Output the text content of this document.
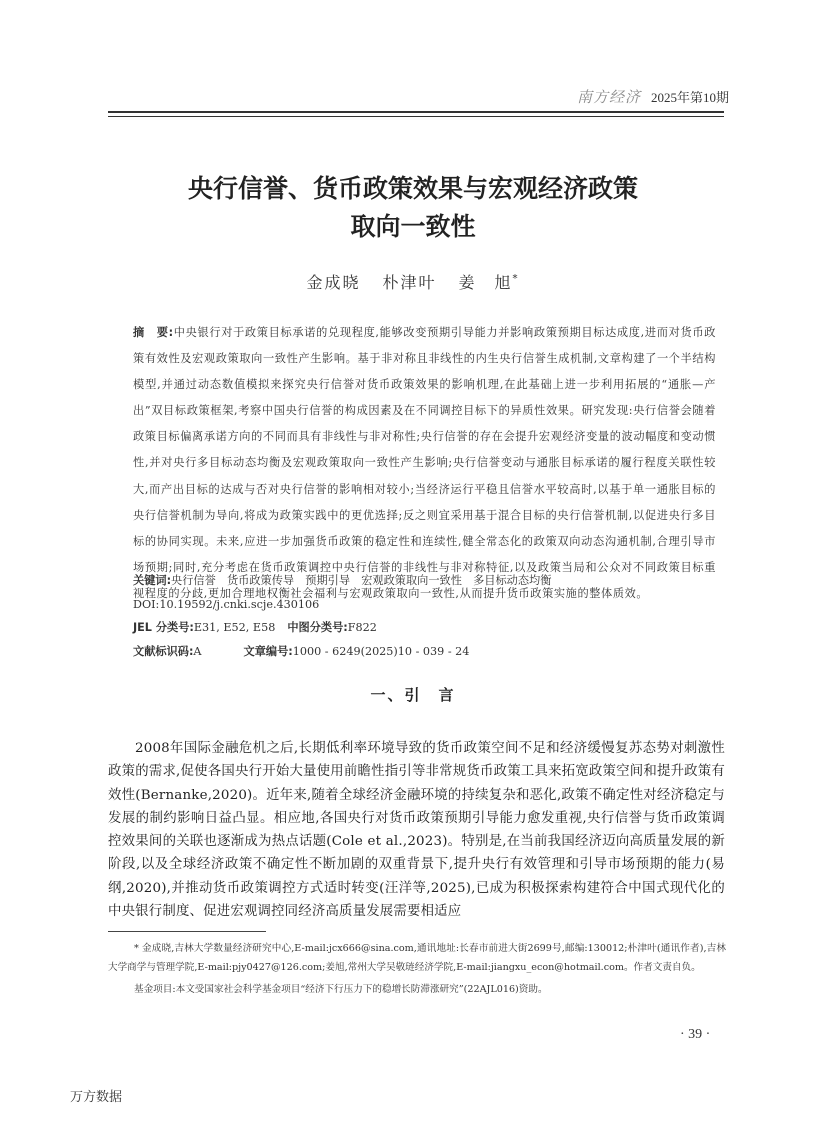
南方经济 2025年第10期
央行信誉、货币政策效果与宏观经济政策
取向一致性
金成晓 朴津叶 姜　旭*
摘　要:中央银行对于政策目标承诺的兑现程度,能够改变预期引导能力并影响政策预期目标达成度,进而对货币政策有效性及宏观政策取向一致性产生影响。基于非对称且非线性的内生央行信誉生成机制,文章构建了一个半结构模型,并通过动态数值模拟来探究央行信誉对货币政策效果的影响机理,在此基础上进一步利用拓展的“通胀—产出”双目标政策框架,考察中国央行信誉的构成因素及在不同调控目标下的异质性效果。研究发现:央行信誉会随着政策目标偏离承诺方向的不同而具有非线性与非对称性;央行信誉的存在会提升宏观经济变量的波动幅度和变动惯性,并对央行多目标动态均衡及宏观政策取向一致性产生影响;央行信誉变动与通胀目标承诺的履行程度关联性较大,而产出目标的达成与否对央行信誉的影响相对较小;当经济运行平稳且信誉水平较高时,以基于单一通胀目标的央行信誉机制为导向,将成为政策实践中的更优选择;反之则宜采用基于混合目标的央行信誉机制,以促进央行多目标的协同实现。未来,应进一步加强货币政策的稳定性和连续性,健全常态化的政策双向动态沟通机制,合理引导市场预期;同时,充分考虑在货币政策调控中央行信誉的非线性与非对称特征,以及政策当局和公众对不同政策目标重视程度的分歧,更加合理地权衡社会福利与宏观政策取向一致性,从而提升货币政策实施的整体质效。
关键词:央行信誉　货币政策传导　预期引导　宏观政策取向一致性　多目标动态均衡
DOI:10.19592/j.cnki.scje.430106
JEL 分类号:E31, E52, E58 中图分类号:F822
文献标识码:A	文章编号:1000 - 6249(2025)10 - 039 - 24
一、引　言
2008年国际金融危机之后,长期低利率环境导致的货币政策空间不足和经济缓慢复苏态势对刺激性政策的需求,促使各国央行开始大量使用前瞻性指引等非常规货币政策工具来拓宽政策空间和提升政策有效性(Bernanke,2020)。近年来,随着全球经济金融环境的持续复杂和恶化,政策不确定性对经济稳定与发展的制约影响日益凸显。相应地,各国央行对货币政策预期引导能力愈发重视,央行信誉与货币政策调控效果间的关联也逐渐成为热点话题(Cole et al.,2023)。特别是,在当前我国经济迈向高质量发展的新阶段,以及全球经济政策不确定性不断加剧的双重背景下,提升央行有效管理和引导市场预期的能力(易纲,2020),并推动货币政策调控方式适时转变(汪洋等,2025),已成为积极探索构建符合中国式现代化的中央银行制度、促进宏观调控同经济高质量发展需要相适应

* 金成晓,吉林大学数量经济研究中心,E-mail:jcx666@sina.com,通讯地址:长春市前进大街2699号,邮编:130012;朴津叶(通讯作者),吉林大学商学与管理学院,E-mail:pjy0427@126.com;姜旭,常州大学吴敬琏经济学院,E-mail:jiangxu_econ@hotmail.com。作者文责自负。

基金项目:本文受国家社会科学基金项目“经济下行压力下的稳增长防滞涨研究”(22AJL016)资助。

· 39 ·
万方数据
